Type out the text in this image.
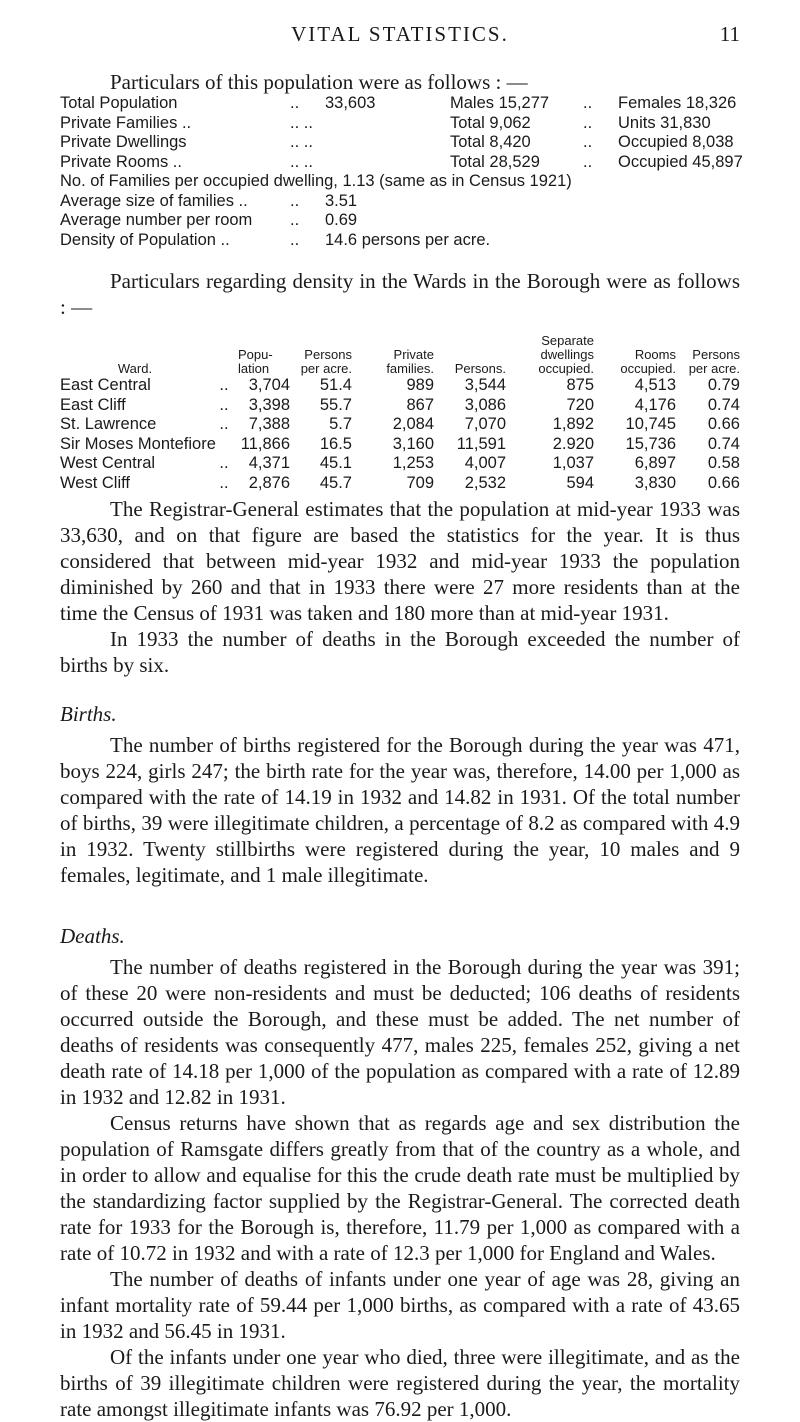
VITAL STATISTICS.	11
Particulars of this population were as follows : —
Total Population	.. 33,603	Males 15,277 .. Females 18,326
Private Families ..	.. ..	Total 9,062	.. Units 31,830
Private Dwellings	.. ..	Total 8,420	.. Occupied 8,038
Private Rooms ..	.. ..	Total 28,529	.. Occupied 45,897
No. of Families per occupied dwelling, 1.13 (same as in Census 1921)
Average size of families ..	.. 3.51
Average number per room .. 0.69
Density of Population ..	.. 14.6 persons per acre.

Particulars regarding density in the Wards in the Borough were as follows : —

Ward.		Popu-lation	Persons per acre.	Private families.	Persons.	Separate dwellings occupied.	Rooms occupied.	Persons per acre.
East Central	..	3,704	51.4	989	3,544	875	4,513	0.79
East Cliff	..	3,398	55.7	867	3,086	720	4,176	0.74
St. Lawrence	..	7,388	5.7	2,084	7,070	1,892	10,745	0.66
Sir Moses Montefiore		11,866	16.5	3,160	11,591	2.920	15,736	0.74
West Central	..	4,371	45.1	1,253	4,007	1,037	6,897	0.58
West Cliff	..	2,876	45.7	709	2,532	594	3,830	0.66

The Registrar-General estimates that the population at mid-year 1933 was 33,630, and on that figure are based the statistics for the year. It is thus considered that between mid-year 1932 and mid-year 1933 the population diminished by 260 and that in 1933 there were 27 more residents than at the time the Census of 1931 was taken and 180 more than at mid-year 1931.

In 1933 the number of deaths in the Borough exceeded the number of births by six.

Births.

The number of births registered for the Borough during the year was 471, boys 224, girls 247; the birth rate for the year was, therefore, 14.00 per 1,000 as compared with the rate of 14.19 in 1932 and 14.82 in 1931. Of the total number of births, 39 were illegitimate children, a percentage of 8.2 as compared with 4.9 in 1932. Twenty stillbirths were registered during the year, 10 males and 9 females, legitimate, and 1 male illegitimate.

Deaths.

The number of deaths registered in the Borough during the year was 391; of these 20 were non-residents and must be deducted; 106 deaths of residents occurred outside the Borough, and these must be added. The net number of deaths of residents was consequently 477, males 225, females 252, giving a net death rate of 14.18 per 1,000 of the population as compared with a rate of 12.89 in 1932 and 12.82 in 1931.

Census returns have shown that as regards age and sex distribution the population of Ramsgate differs greatly from that of the country as a whole, and in order to allow and equalise for this the crude death rate must be multiplied by the standardizing factor supplied by the Registrar-General. The corrected death rate for 1933 for the Borough is, therefore, 11.79 per 1,000 as compared with a rate of 10.72 in 1932 and with a rate of 12.3 per 1,000 for England and Wales.

The number of deaths of infants under one year of age was 28, giving an infant mortality rate of 59.44 per 1,000 births, as compared with a rate of 43.65 in 1932 and 56.45 in 1931.

Of the infants under one year who died, three were illegitimate, and as the births of 39 illegitimate children were registered during the year, the mortality rate amongst illegitimate infants was 76.92 per 1,000.
